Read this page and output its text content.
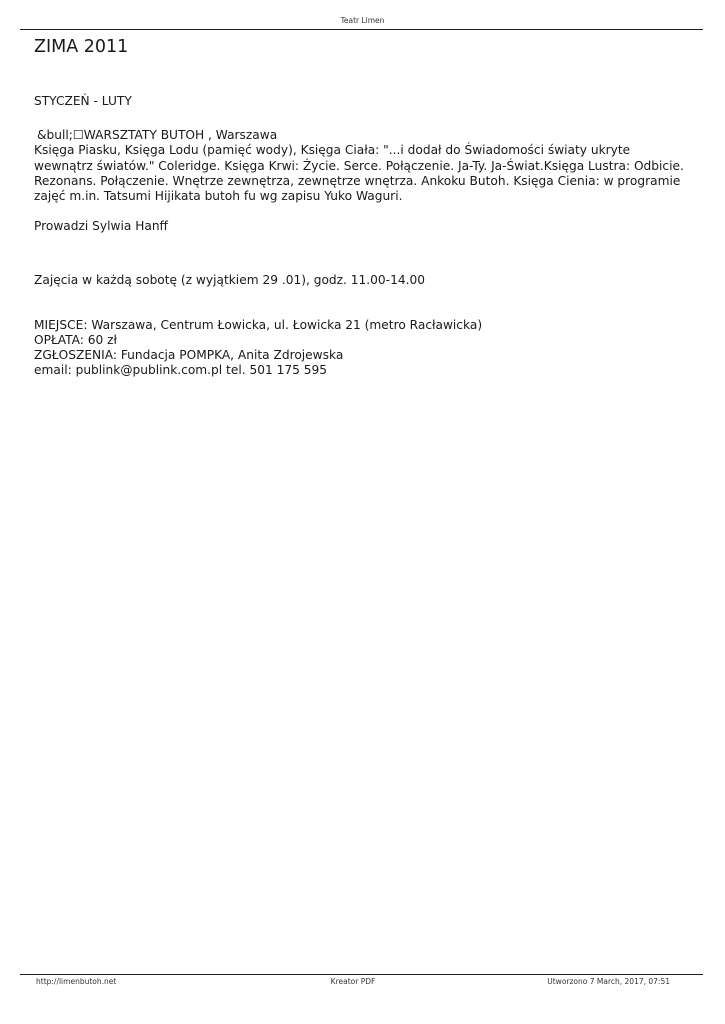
Teatr Limen
ZIMA 2011

STYCZEŃ - LUTY

&bull;☐WARSZTATY BUTOH , Warszawa

Księga Piasku, Księga Lodu (pamięć wody), Księga Ciała: "...i dodał do Świadomości światy ukryte wewnątrz światów." Coleridge. Księga Krwi: Życie. Serce. Połączenie. Ja-Ty. Ja-Świat.Księga Lustra: Odbicie. Rezonans. Połączenie. Wnętrze zewnętrza, zewnętrze wnętrza. Ankoku Butoh. Księga Cienia: w programie zajęć m.in. Tatsumi Hijikata butoh fu wg zapisu Yuko Waguri.

Prowadzi Sylwia Hanff

Zajęcia w każdą sobotę (z wyjątkiem 29 .01), godz. 11.00-14.00

MIEJSCE: Warszawa, Centrum Łowicka, ul. Łowicka 21 (metro Racławicka)

OPŁATA: 60 zł

ZGŁOSZENIA: Fundacja POMPKA, Anita Zdrojewska

email: publink@publink.com.pl tel. 501 175 595

http://limenbutoh.net	Kreator PDF	Utworzono 7 March, 2017, 07:51
